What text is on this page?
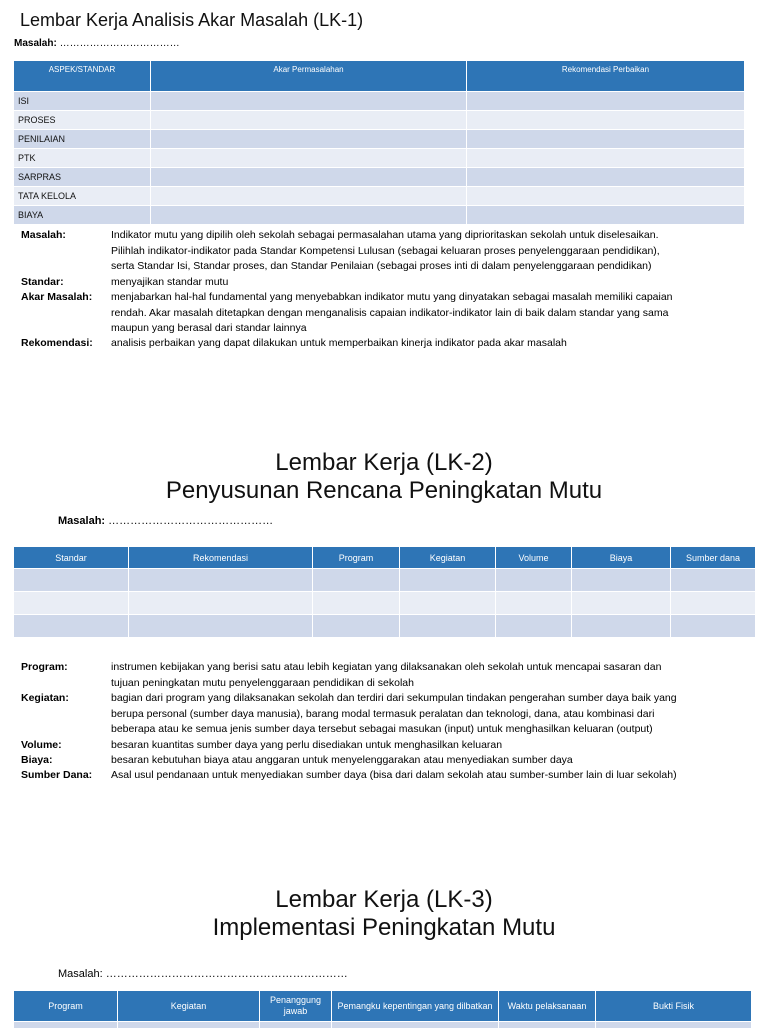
Lembar Kerja Analisis Akar Masalah (LK-1)
Masalah: ………………………………
ASPEK/STANDAR	Akar Permasalahan	Rekomendasi Perbaikan
ISI		
PROSES		
PENILAIAN		
PTK		
SARPRAS		
TATA KELOLA		
BIAYA		
Masalah:	Indikator mutu yang dipilih oleh sekolah sebagai permasalahan utama yang diprioritaskan sekolah untuk diselesaikan.
Pilihlah indikator-indikator pada Standar Kompetensi Lulusan (sebagai keluaran proses penyelenggaraan pendidikan),
serta Standar Isi, Standar proses, dan Standar Penilaian (sebagai proses inti di dalam penyelenggaraan pendidikan)
Standar:	menyajikan standar mutu
Akar Masalah: menjabarkan hal-hal fundamental yang menyebabkan indikator mutu yang dinyatakan sebagai masalah memiliki capaian
rendah. Akar masalah ditetapkan dengan menganalisis capaian indikator-indikator lain di baik dalam standar yang sama
maupun yang berasal dari standar lainnya
Rekomendasi: analisis perbaikan yang dapat dilakukan untuk memperbaikan kinerja indikator pada akar masalah
Lembar Kerja (LK-2)
Penyusunan Rencana Peningkatan Mutu
Masalah: ………………………………………
Standar	Rekomendasi	Program	Kegiatan	Volume	Biaya	Sumber dana

Program:	instrumen kebijakan yang berisi satu atau lebih kegiatan yang dilaksanakan oleh sekolah untuk mencapai sasaran dan
tujuan peningkatan mutu penyelenggaraan pendidikan di sekolah
Kegiatan:	bagian dari program yang dilaksanakan sekolah dan terdiri dari sekumpulan tindakan pengerahan sumber daya baik yang
berupa personal (sumber daya manusia), barang modal termasuk peralatan dan teknologi, dana, atau kombinasi dari
beberapa atau ke semua jenis sumber daya tersebut sebagai masukan (input) untuk menghasilkan keluaran (output)
Volume:	besaran kuantitas sumber daya yang perlu disediakan untuk menghasilkan keluaran
Biaya:	besaran kebutuhan biaya atau anggaran untuk menyelenggarakan atau menyediakan sumber daya
Sumber Dana: Asal usul pendanaan untuk menyediakan sumber daya (bisa dari dalam sekolah atau sumber-sumber lain di luar sekolah)
Lembar Kerja (LK-3)
Implementasi Peningkatan Mutu
Masalah: …………………………………………………………
Program	Kegiatan	Penanggung jawab	Pemangku kepentingan yang dilbatkan	Waktu pelaksanaan	Bukti Fisik
